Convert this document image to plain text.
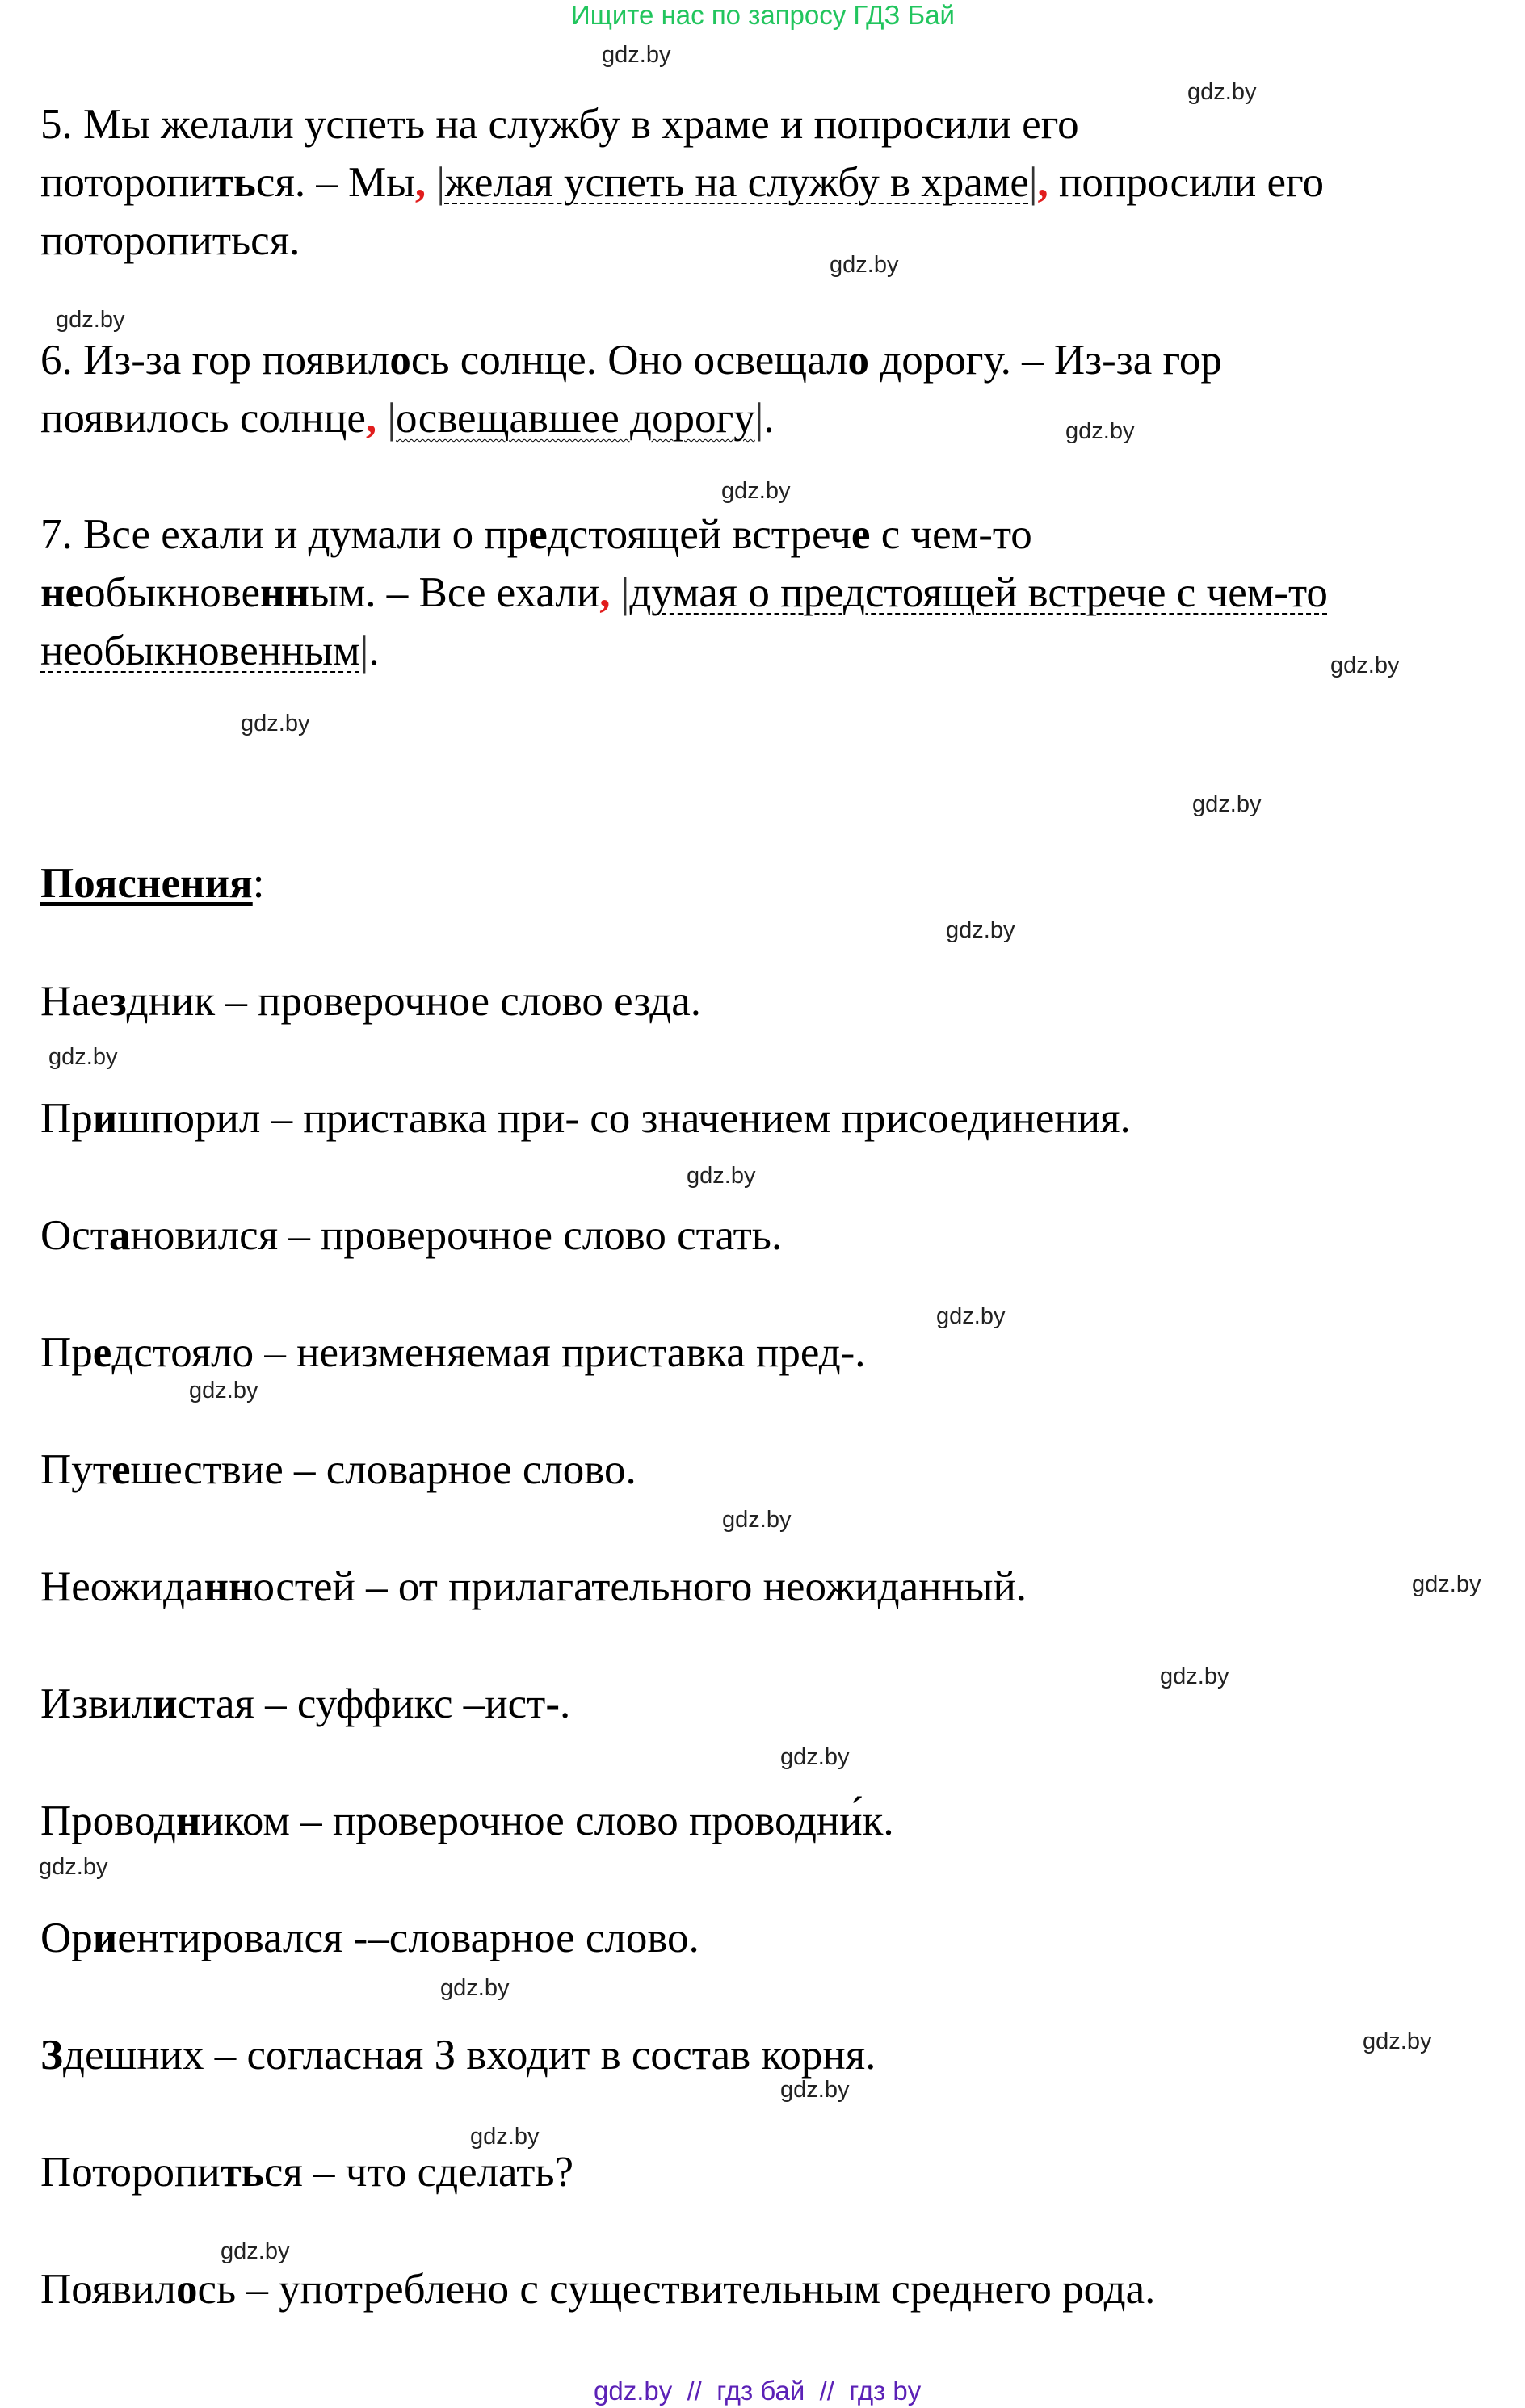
Ищите нас по запросу ГДЗ Бай
gdz.by
gdz.by
gdz.by
gdz.by
gdz.by
gdz.by
gdz.by
gdz.by
gdz.by
gdz.by
gdz.by
gdz.by
gdz.by
gdz.by
gdz.by
gdz.by
gdz.by
gdz.by
gdz.by
gdz.by
gdz.by
gdz.by
gdz.by
gdz.by
5. Мы желали успеть на службу в храме и попросили его
поторопиться. – Мы, |желая успеть на службу в храме|, попросили его
поторопиться.
6. Из-за гор появилось солнце. Оно освещало дорогу. – Из-за гор
появилось солнце, |освещавшее дорогу|.
7. Все ехали и думали о предстоящей встрече с чем-то
необыкновенным. – Все ехали, |думая о предстоящей встрече с чем-то
необыкновенным|.
Пояснения:
Наездник – проверочное слово езда.
Пришпорил – приставка при- со значением присоединения.
Остановился – проверочное слово стать.
Предстояло – неизменяемая приставка пред-.
Путешествие – словарное слово.
Неожиданностей – от прилагательного неожиданный.
Извилистая – суффикс –ист-.
Проводником – проверочное слово проводни́к.
Ориентировался -–словарное слово.
Здешних – согласная З входит в состав корня.
Поторопиться – что сделать?
Появилось – употреблено с существительным среднего рода.
gdz.by  //  гдз бай  //  гдз by
